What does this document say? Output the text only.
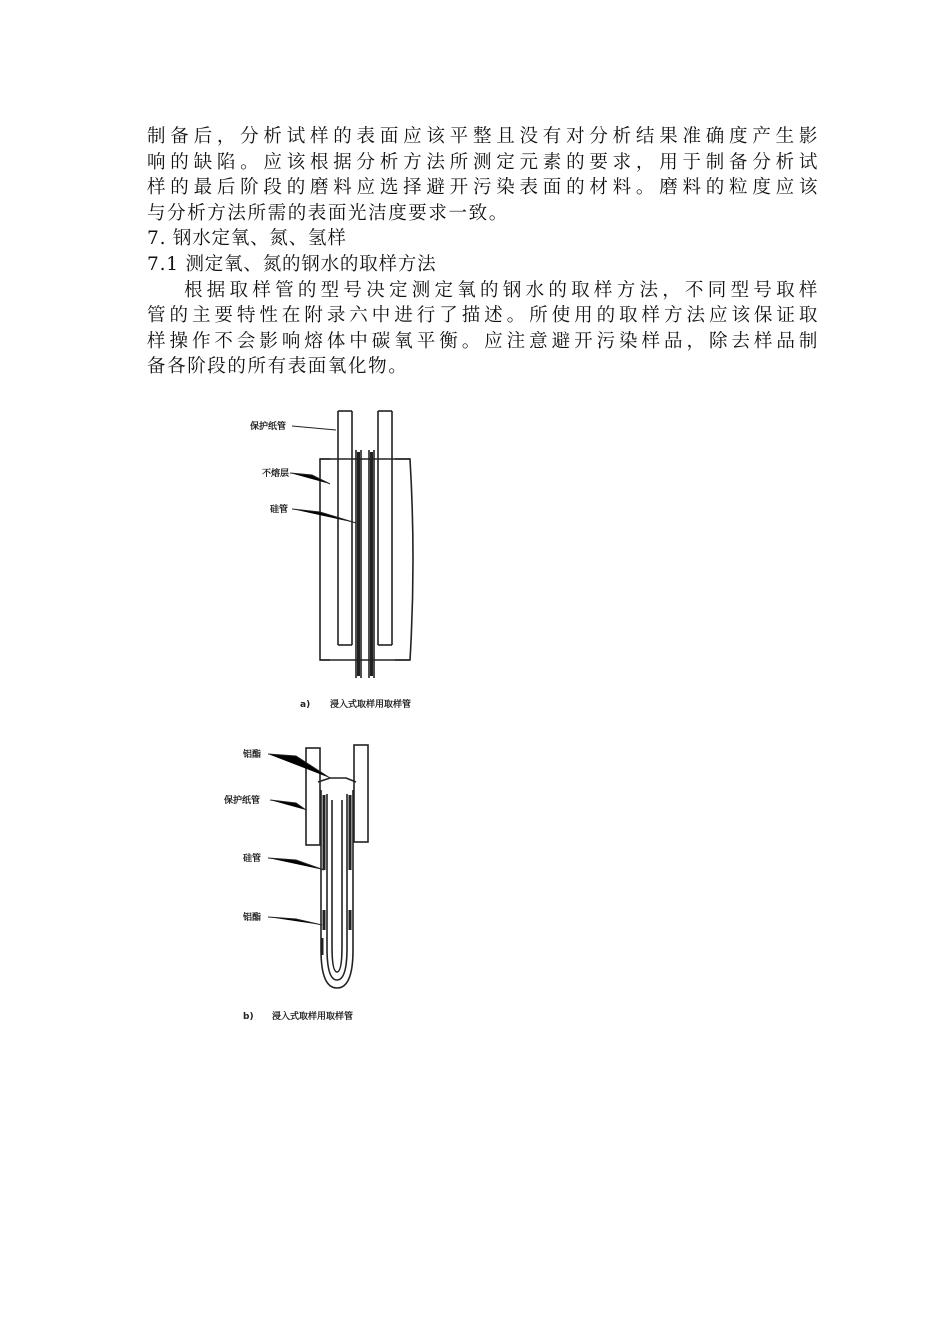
制备后，分析试样的表面应该平整且没有对分析结果准确度产生影
响的缺陷。应该根据分析方法所测定元素的要求，用于制备分析试
样的最后阶段的磨料应选择避开污染表面的材料。磨料的粒度应该
与分析方法所需的表面光洁度要求一致。
7. 钢水定氧、氮、氢样
7.1 测定氧、氮的钢水的取样方法
根据取样管的型号决定测定氧的钢水的取样方法，不同型号取样
管的主要特性在附录六中进行了描述。所使用的取样方法应该保证取
样操作不会影响熔体中碳氧平衡。应注意避开污染样品，除去样品制
备各阶段的所有表面氧化物。
保护纸管
不熔层
硅管
a) 浸入式取样用取样管
铝酯
保护纸管
硅管
铝酯
b) 浸入式取样用取样管
